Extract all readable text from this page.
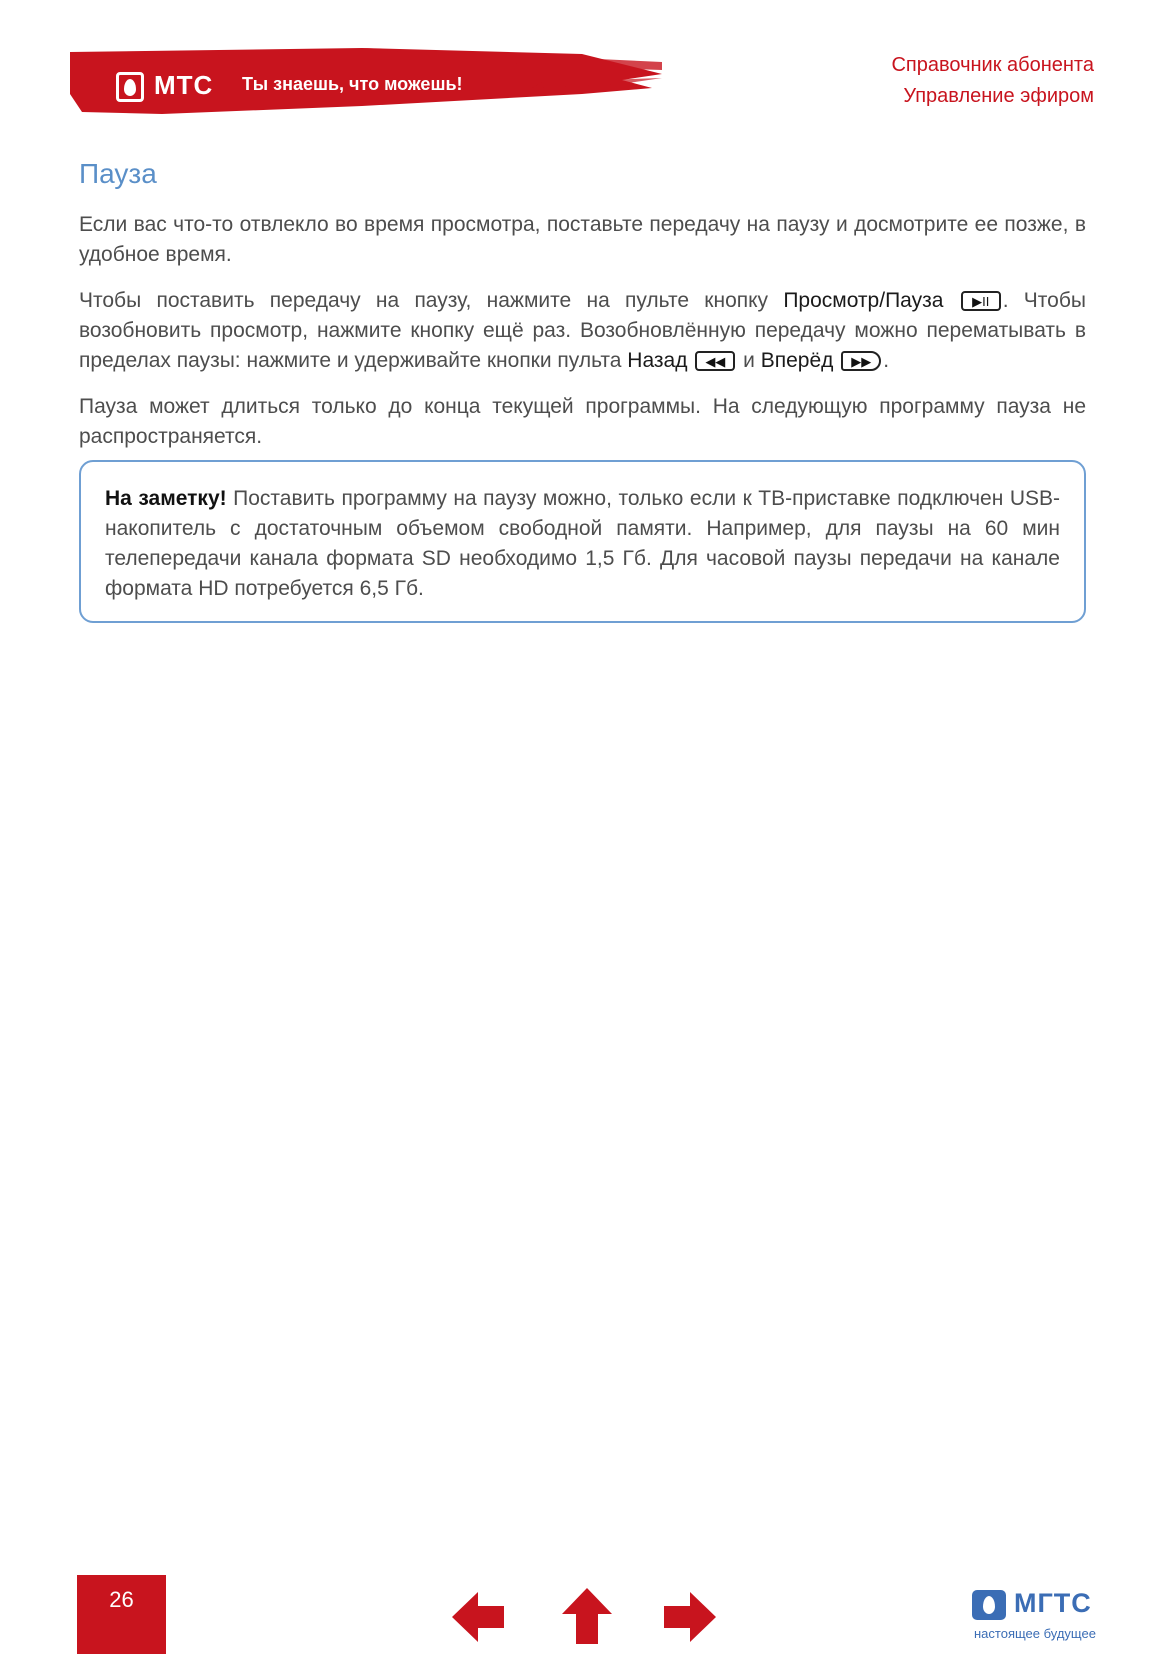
МТС Ты знаешь, что можешь!
Справочник абонента
Управление эфиром
Пауза

Если вас что-то отвлекло во время просмотра, поставьте передачу на паузу и досмотрите ее позже, в удобное время.

Чтобы поставить передачу на паузу, нажмите на пульте кнопку Просмотр/Пауза ▶II . Чтобы возобновить просмотр, нажмите кнопку ещё раз. Возобновлённую передачу можно перематывать в пределах паузы: нажмите и удерживайте кнопки пульта Назад ◀◀ и Вперёд ▶▶ .

Пауза может длиться только до конца текущей программы. На следующую программу пауза не распространяется.

На заметку! Поставить программу на паузу можно, только если к ТВ-приставке подключен USB-накопитель с достаточным объемом свободной памяти. Например, для паузы на 60 мин телепередачи канала формата SD необходимо 1,5 Гб. Для часовой паузы передачи на канале формата HD потребуется 6,5 Гб.

26	МГТС
настоящее будущее
